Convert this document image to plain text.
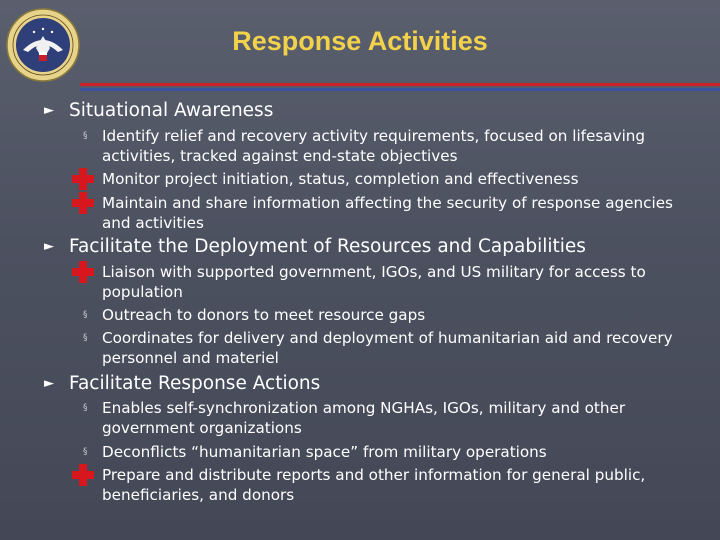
Response Activities
► Situational Awareness
§ Identify relief and recovery activity requirements, focused on lifesaving activities, tracked against end-state objectives
Monitor project initiation, status, completion and effectiveness
Maintain and share information affecting the security of response agencies and activities
► Facilitate the Deployment of Resources and Capabilities
Liaison with supported government, IGOs, and US military for access to population
§ Outreach to donors to meet resource gaps
§ Coordinates for delivery and deployment of humanitarian aid and recovery personnel and materiel
► Facilitate Response Actions
§ Enables self-synchronization among NGHAs, IGOs, military and other government organizations
§ Deconflicts “humanitarian space” from military operations
Prepare and distribute reports and other information for general public, beneficiaries, and donors
